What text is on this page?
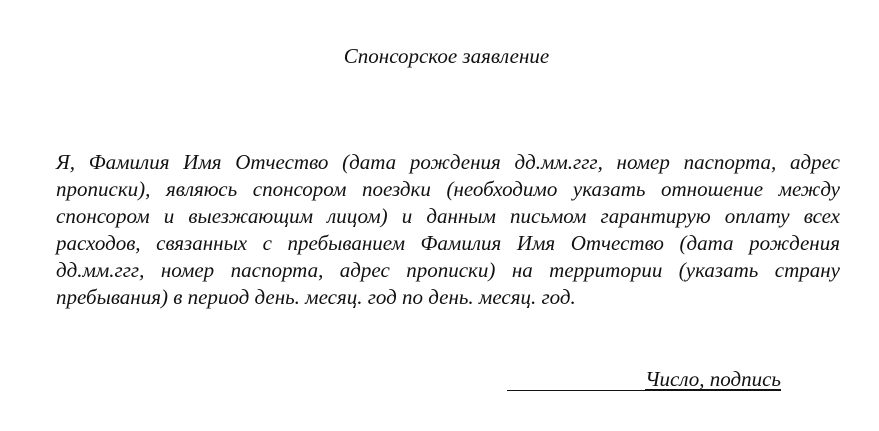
Спонсорское заявление

Я, Фамилия Имя Отчество (дата рождения дд.мм.ггг, номер паспорта, адрес прописки), являюсь спонсором поездки (необходимо указать отношение между спонсором и выезжающим лицом) и данным письмом гарантирую оплату всех расходов, связанных с пребыванием Фамилия Имя Отчество (дата рождения дд.мм.ггг, номер паспорта, адрес прописки) на территории (указать страну пребывания) в период день. месяц. год по день. месяц. год.

Число, подпись
